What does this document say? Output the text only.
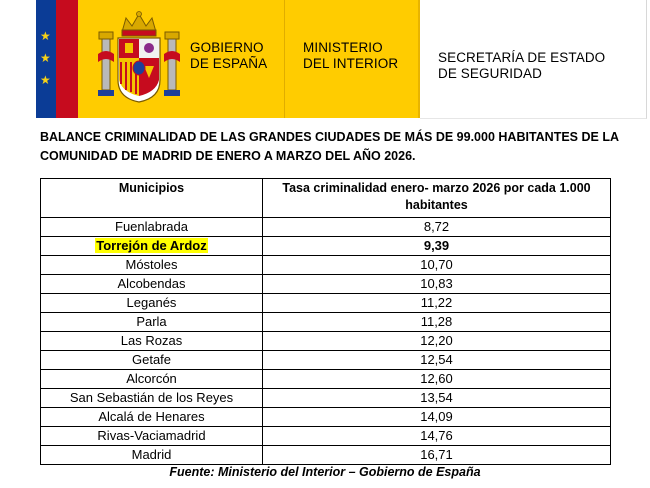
★
★
★
GOBIERNO
DE ESPAÑA
MINISTERIO
DEL INTERIOR	SECRETARÍA DE ESTADO
DE SEGURIDAD
BALANCE CRIMINALIDAD DE LAS GRANDES CIUDADES DE MÁS DE 99.000 HABITANTES DE LA
COMUNIDAD DE MADRID DE ENERO A MARZO DEL AÑO 2026.
Municipios	Tasa criminalidad enero- marzo 2026 por cada 1.000 habitantes
Fuenlabrada	8,72
Torrejón de Ardoz	9,39
Móstoles	10,70
Alcobendas	10,83
Leganés	11,22
Parla	11,28
Las Rozas	12,20
Getafe	12,54
Alcorcón	12,60
San Sebastián de los Reyes	13,54
Alcalá de Henares	14,09
Rivas-Vaciamadrid	14,76
Madrid	16,71
Fuente: Ministerio del Interior – Gobierno de España
